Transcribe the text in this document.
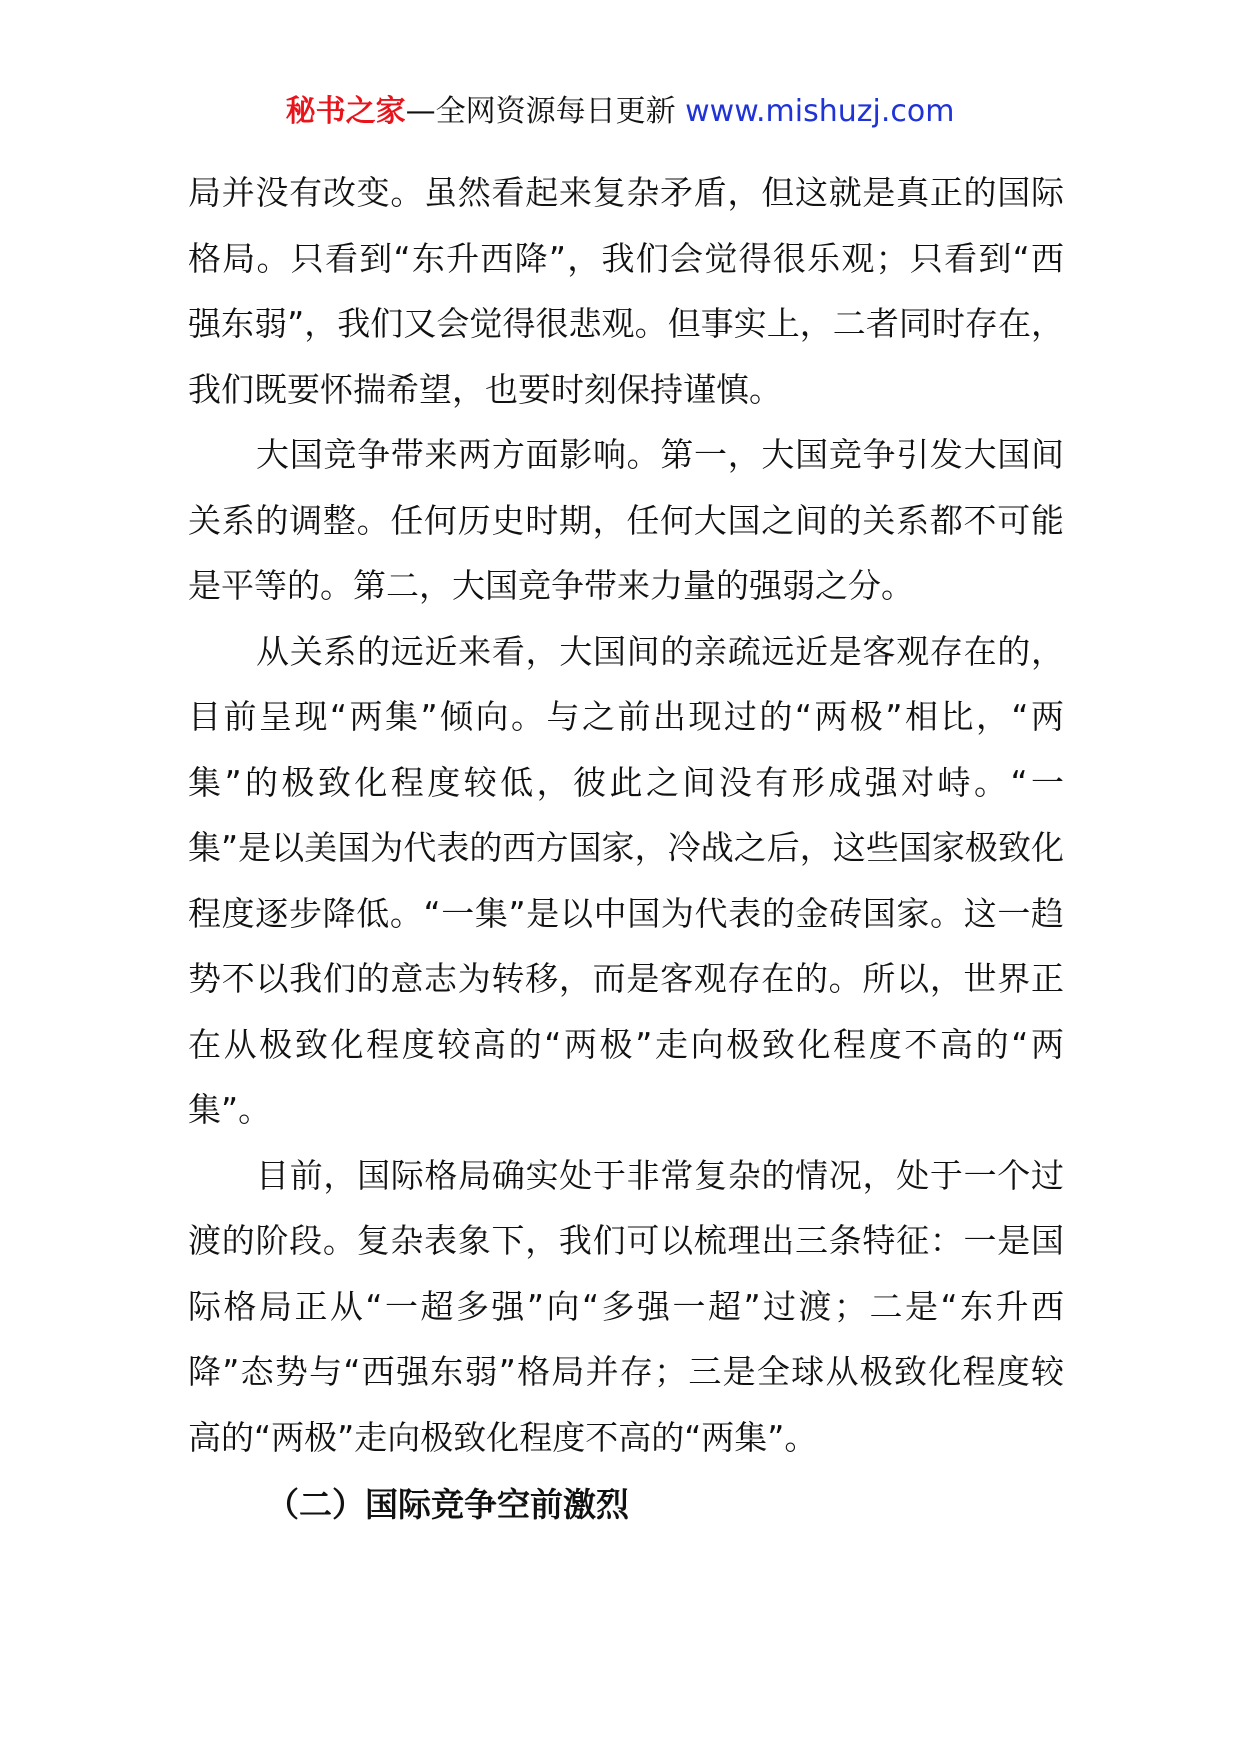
秘书之家—全网资源每日更新 www.mishuzj.com

局并没有改变。虽然看起来复杂矛盾，但这就是真正的国际格局。只看到“东升西降”，我们会觉得很乐观；只看到“西强东弱”，我们又会觉得很悲观。但事实上，二者同时存在，我们既要怀揣希望，也要时刻保持谨慎。

大国竞争带来两方面影响。第一，大国竞争引发大国间关系的调整。任何历史时期，任何大国之间的关系都不可能是平等的。第二，大国竞争带来力量的强弱之分。

从关系的远近来看，大国间的亲疏远近是客观存在的，目前呈现“两集”倾向。与之前出现过的“两极”相比，“两集”的极致化程度较低，彼此之间没有形成强对峙。“一集”是以美国为代表的西方国家，冷战之后，这些国家极致化程度逐步降低。“一集”是以中国为代表的金砖国家。这一趋势不以我们的意志为转移，而是客观存在的。所以，世界正在从极致化程度较高的“两极”走向极致化程度不高的“两集”。

目前，国际格局确实处于非常复杂的情况，处于一个过渡的阶段。复杂表象下，我们可以梳理出三条特征：一是国际格局正从“一超多强”向“多强一超”过渡；二是“东升西降”态势与“西强东弱”格局并存；三是全球从极致化程度较高的“两极”走向极致化程度不高的“两集”。

（二）国际竞争空前激烈
